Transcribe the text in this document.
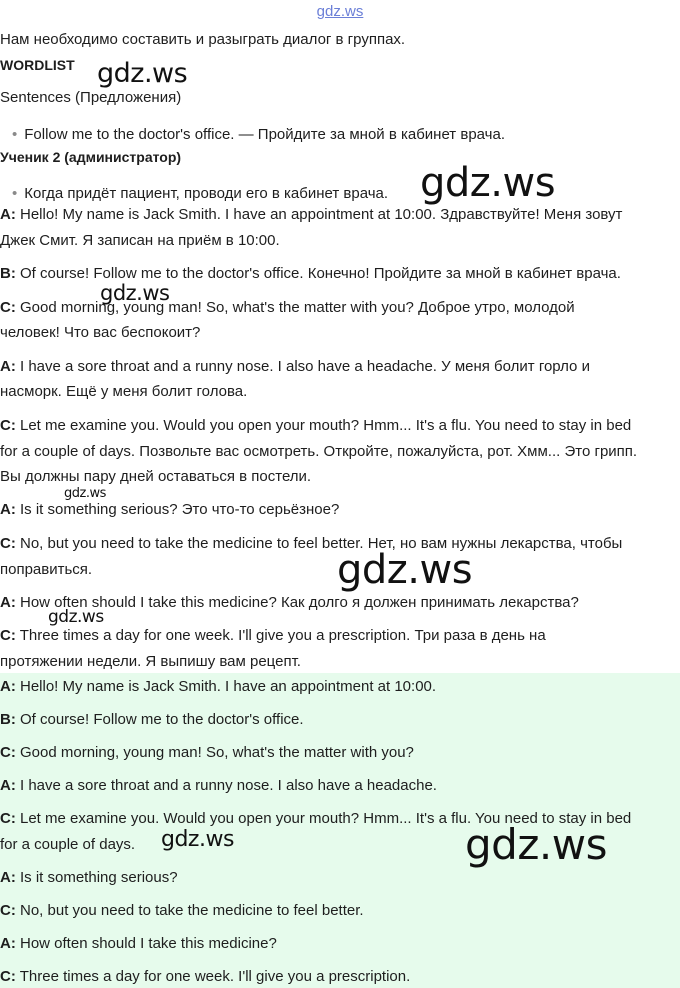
gdz.ws
Нам необходимо составить и разыграть диалог в группах.
WORDLIST
Sentences (Предложения)
• Follow me to the doctor's office. — Пройдите за мной в кабинет врача.
Ученик 2 (администратор)
• Когда придёт пациент, проводи его в кабинет врача.
A: Hello! My name is Jack Smith. I have an appointment at 10:00. Здравствуйте! Меня зовут
Джек Смит. Я записан на приём в 10:00.
B: Of course! Follow me to the doctor's office. Конечно! Пройдите за мной в кабинет врача.
C: Good morning, young man! So, what's the matter with you? Доброе утро, молодой
человек! Что вас беспокоит?
A: I have a sore throat and a runny nose. I also have a headache. У меня болит горло и
насморк. Ещё у меня болит голова.
C: Let me examine you. Would you open your mouth? Hmm... It's a flu. You need to stay in bed
for a couple of days. Позвольте вас осмотреть. Откройте, пожалуйста, рот. Хмм... Это грипп.
Вы должны пару дней оставаться в постели.
A: Is it something serious? Это что-то серьёзное?
C: No, but you need to take the medicine to feel better. Нет, но вам нужны лекарства, чтобы
поправиться.
A: How often should I take this medicine? Как долго я должен принимать лекарства?
C: Three times a day for one week. I'll give you a prescription. Три раза в день на
протяжении недели. Я выпишу вам рецепт.
A: Hello! My name is Jack Smith. I have an appointment at 10:00.
B: Of course! Follow me to the doctor's office.
C: Good morning, young man! So, what's the matter with you?
A: I have a sore throat and a runny nose. I also have a headache.
C: Let me examine you. Would you open your mouth? Hmm... It's a flu. You need to stay in bed
for a couple of days.
A: Is it something serious?
C: No, but you need to take the medicine to feel better.
A: How often should I take this medicine?
C: Three times a day for one week. I'll give you a prescription.
gdz.ws
gdz.ws
gdz.ws
gdz.ws
gdz.ws
gdz.ws
gdz.ws	gdz.ws
